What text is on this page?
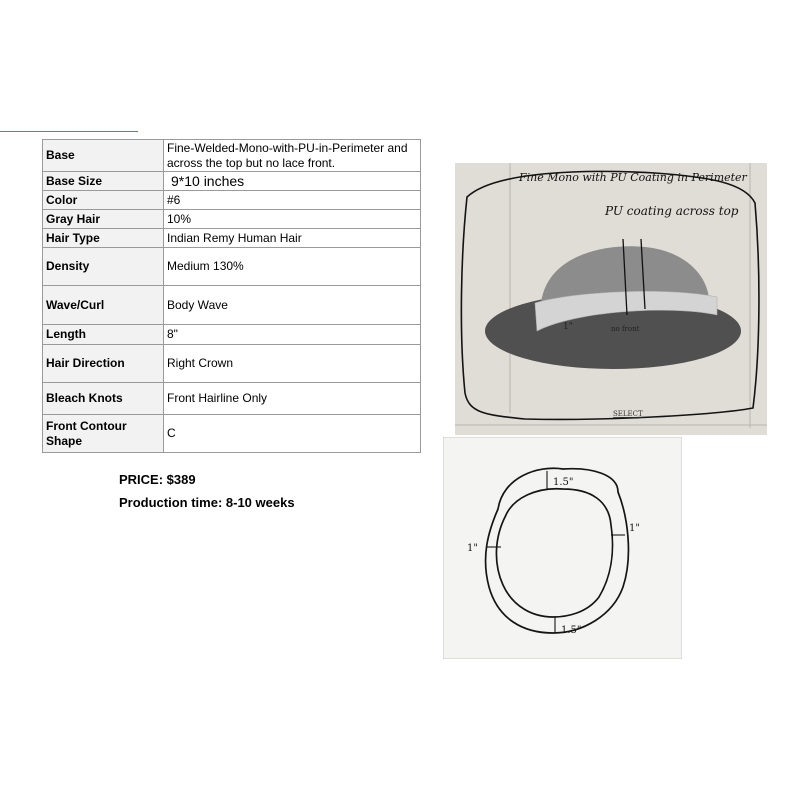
Base	Fine-Welded-Mono-with-PU-in-Perimeter and across the top but no lace front.
Base Size	9*10 inches
Color	#6
Gray Hair	10%
Hair Type	Indian Remy Human Hair
Density	Medium 130%
Wave/Curl	Body Wave
Length	8"
Hair Direction	Right Crown
Bleach Knots	Front Hairline Only
Front Contour Shape	C
PRICE: $389
Production time: 8-10 weeks
1"	no front
Fine Mono with PU Coating in Perimeter
PU coating across top
SELECT
1.5"
1.5"
1"
1"
